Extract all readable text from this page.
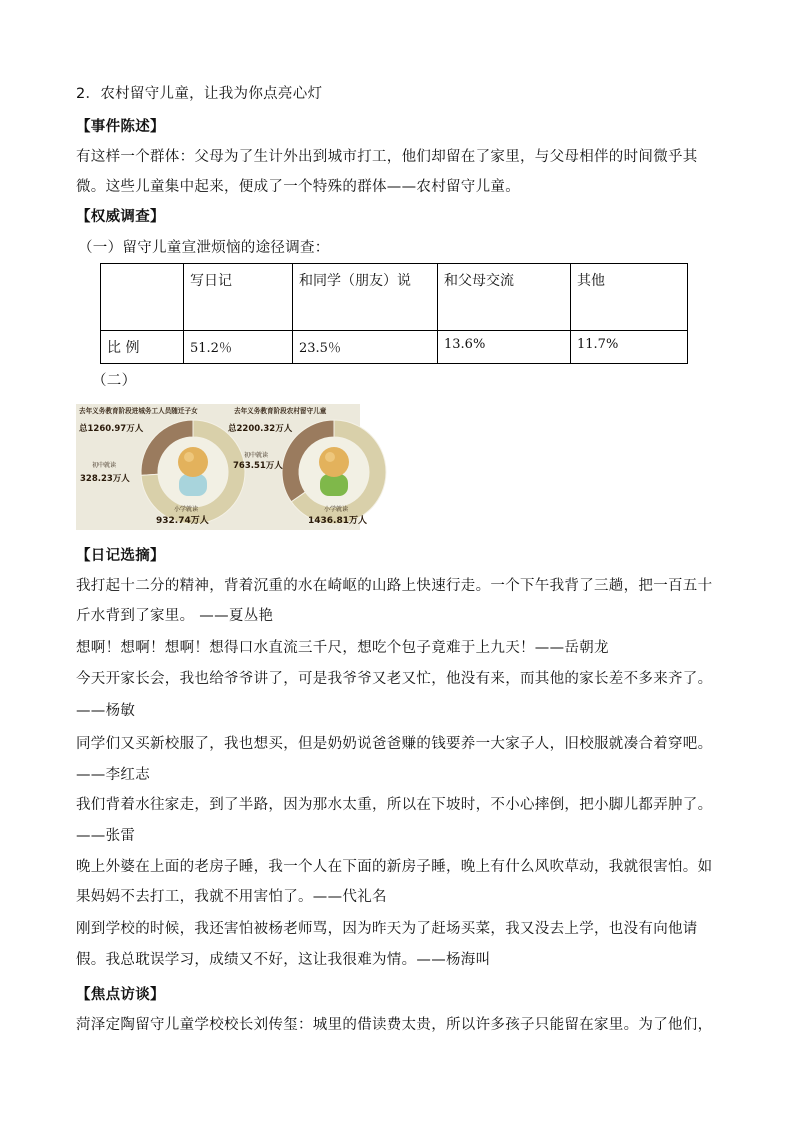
2．农村留守儿童，让我为你点亮心灯
【事件陈述】
有这样一个群体：父母为了生计外出到城市打工，他们却留在了家里，与父母相伴的时间微乎其
微。这些儿童集中起来，便成了一个特殊的群体——农村留守儿童。
【权威调查】
（一）留守儿童宣泄烦恼的途径调查：
	写日记	和同学（朋友）说	和父母交流	其他
比 例	51.2％	23.5％	13.6%	11.7%
（二）
去年义务教育阶段进城务工人员随迁子女
总1260.97万人
初中就读
328.23万人
小学就读
932.74万人
去年义务教育阶段农村留守儿童
总2200.32万人
初中就读
763.51万人
小学就读
1436.81万人
【日记选摘】
我打起十二分的精神，背着沉重的水在崎岖的山路上快速行走。一个下午我背了三趟，把一百五十
斤水背到了家里。 ——夏丛艳
想啊！想啊！想啊！想得口水直流三千尺，想吃个包子竟难于上九天！——岳朝龙
今天开家长会，我也给爷爷讲了，可是我爷爷又老又忙，他没有来，而其他的家长差不多来齐了。
——杨敏
同学们又买新校服了，我也想买，但是奶奶说爸爸赚的钱要养一大家子人，旧校服就凑合着穿吧。
——李红志
我们背着水往家走，到了半路，因为那水太重，所以在下坡时，不小心摔倒，把小脚儿都弄肿了。
——张雷
晚上外婆在上面的老房子睡，我一个人在下面的新房子睡，晚上有什么风吹草动，我就很害怕。如
果妈妈不去打工，我就不用害怕了。——代礼名
刚到学校的时候，我还害怕被杨老师骂，因为昨天为了赶场买菜，我又没去上学，也没有向他请
假。我总耽误学习，成绩又不好，这让我很难为情。——杨海叫
【焦点访谈】
菏泽定陶留守儿童学校校长刘传玺：城里的借读费太贵，所以许多孩子只能留在家里。为了他们，
